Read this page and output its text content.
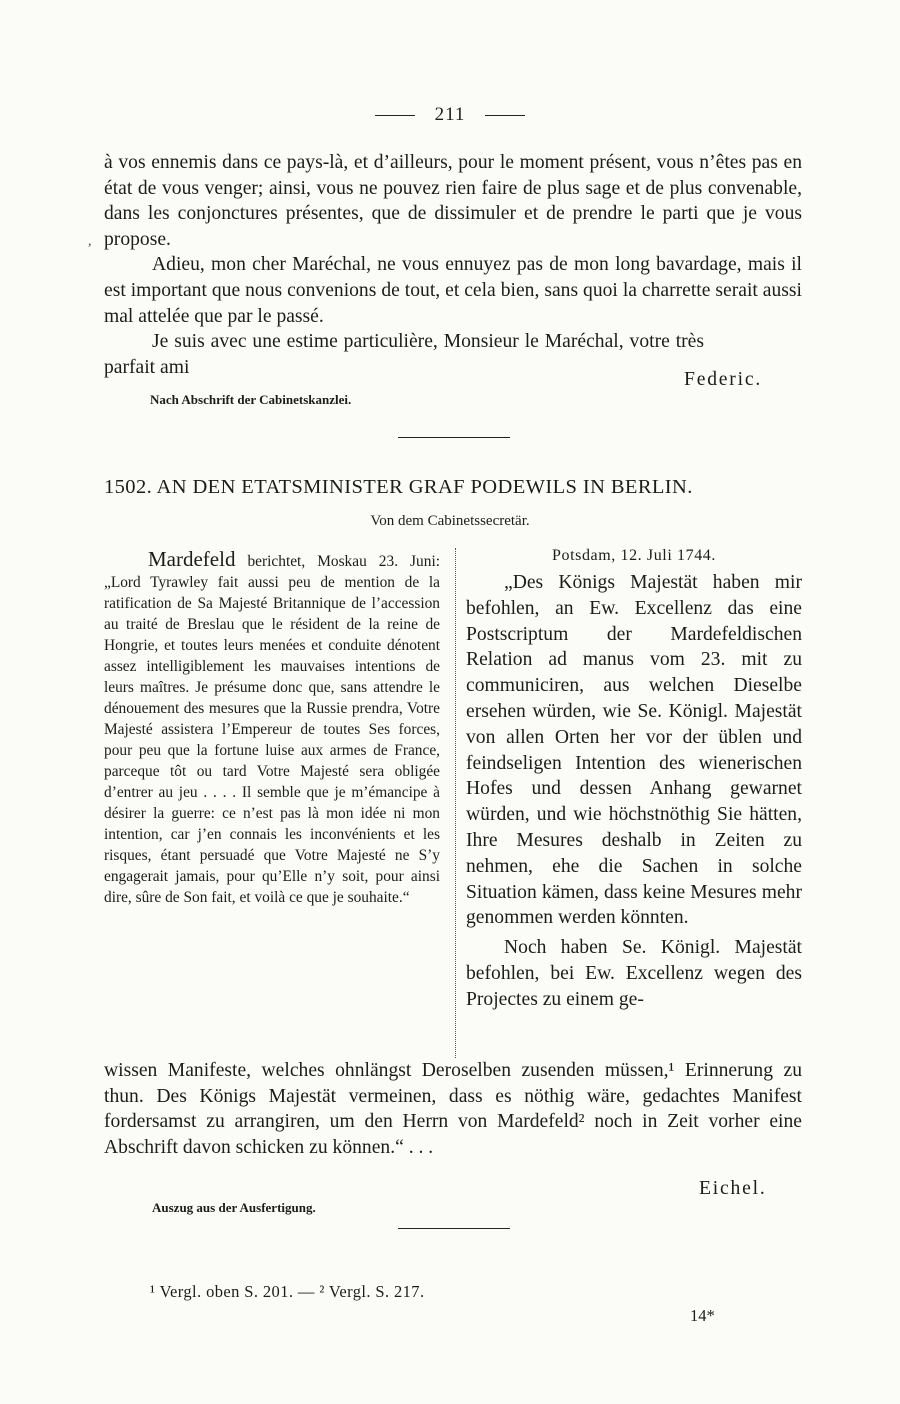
211

à vos ennemis dans ce pays-là, et d’ailleurs, pour le moment présent, vous n’êtes pas en état de vous venger; ainsi, vous ne pouvez rien faire de plus sage et de plus convenable, dans les conjonctures présentes, que de dissimuler et de prendre le parti que je vous propose.

Adieu, mon cher Maréchal, ne vous ennuyez pas de mon long bavardage, mais il est important que nous convenions de tout, et cela bien, sans quoi la charrette serait aussi mal attelée que par le passé.

Je suis avec une estime particulière, Monsieur le Maréchal, votre très parfait ami

,
Federic.
Nach Abschrift der Cabinetskanzlei.
1502. AN DEN ETATSMINISTER GRAF PODEWILS IN BERLIN.
Von dem Cabinetssecretär.
Mardefeld berichtet, Moskau 23. Juni: „Lord Tyrawley fait aussi peu de mention de la ratification de Sa Majesté Britannique de l’accession au traité de Breslau que le résident de la reine de Hongrie, et toutes leurs menées et conduite dénotent assez intelligiblement les mauvaises intentions de leurs maîtres. Je présume donc que, sans attendre le dénouement des mesures que la Russie prendra, Votre Majesté assistera l’Empereur de toutes Ses forces, pour peu que la fortune luise aux armes de France, parceque tôt ou tard Votre Majesté sera obligée d’entrer au jeu . . . . Il semble que je m’émancipe à désirer la guerre: ce n’est pas là mon idée ni mon intention, car j’en connais les inconvénients et les risques, étant persuadé que Votre Majesté ne S’y engagerait jamais, pour qu’Elle n’y soit, pour ainsi dire, sûre de Son fait, et voilà ce que je souhaite.“
Potsdam, 12. Juli 1744.

„Des Königs Majestät haben mir befohlen, an Ew. Excellenz das eine Postscriptum der Mardefeldischen Relation ad manus vom 23. mit zu communiciren, aus welchen Dieselbe ersehen würden, wie Se. Königl. Majestät von allen Orten her vor der üblen und feindseligen Intention des wienerischen Hofes und dessen Anhang gewarnet würden, und wie höchstnöthig Sie hätten, Ihre Mesures deshalb in Zeiten zu nehmen, ehe die Sachen in solche Situation kämen, dass keine Mesures mehr genommen werden könnten.

Noch haben Se. Königl. Majestät befohlen, bei Ew. Excellenz wegen des Projectes zu einem ge-

wissen Manifeste, welches ohnlängst Deroselben zusenden müssen,¹ Erinnerung zu thun. Des Königs Majestät vermeinen, dass es nöthig wäre, gedachtes Manifest fordersamst zu arrangiren, um den Herrn von Mardefeld² noch in Zeit vorher eine Abschrift davon schicken zu können.“ . . .
Eichel.
Auszug aus der Ausfertigung.
¹ Vergl. oben S. 201. — ² Vergl. S. 217.
14*
